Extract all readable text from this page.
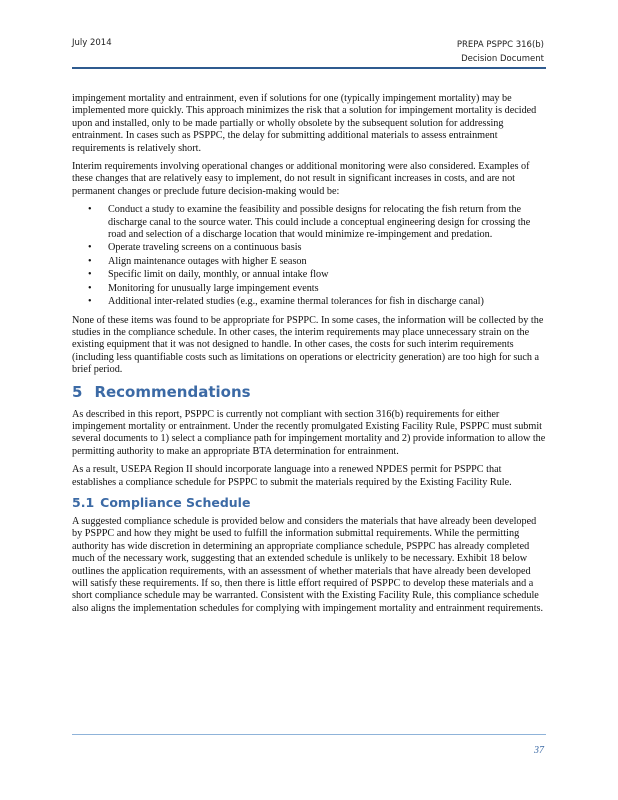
July 2014	PREPA PSPPC 316(b)
Decision Document

impingement mortality and entrainment, even if solutions for one (typically impingement mortality) may be implemented more quickly. This approach minimizes the risk that a solution for impingement mortality is decided upon and installed, only to be made partially or wholly obsolete by the subsequent solution for addressing entrainment. In cases such as PSPPC, the delay for submitting additional materials to assess entrainment requirements is relatively short.

Interim requirements involving operational changes or additional monitoring were also considered. Examples of these changes that are relatively easy to implement, do not result in significant increases in costs, and are not permanent changes or preclude future decision-making would be:

• Conduct a study to examine the feasibility and possible designs for relocating the fish return from the discharge canal to the source water. This could include a conceptual engineering design for crossing the road and selection of a discharge location that would minimize re-impingement and predation.
• Operate traveling screens on a continuous basis
• Align maintenance outages with higher E season
• Specific limit on daily, monthly, or annual intake flow
• Monitoring for unusually large impingement events
• Additional inter-related studies (e.g., examine thermal tolerances for fish in discharge canal)

None of these items was found to be appropriate for PSPPC. In some cases, the information will be collected by the studies in the compliance schedule. In other cases, the interim requirements may place unnecessary strain on the existing equipment that it was not designed to handle. In other cases, the costs for such interim requirements (including less quantifiable costs such as limitations on operations or electricity generation) are too high for such a brief period.

5 Recommendations

As described in this report, PSPPC is currently not compliant with section 316(b) requirements for either impingement mortality or entrainment. Under the recently promulgated Existing Facility Rule, PSPPC must submit several documents to 1) select a compliance path for impingement mortality and 2) provide information to allow the permitting authority to make an appropriate BTA determination for entrainment.

As a result, USEPA Region II should incorporate language into a renewed NPDES permit for PSPPC that establishes a compliance schedule for PSPPC to submit the materials required by the Existing Facility Rule.

5.1 Compliance Schedule

A suggested compliance schedule is provided below and considers the materials that have already been developed by PSPPC and how they might be used to fulfill the information submittal requirements. While the permitting authority has wide discretion in determining an appropriate compliance schedule, PSPPC has already completed much of the necessary work, suggesting that an extended schedule is unlikely to be necessary. Exhibit 18 below outlines the application requirements, with an assessment of whether materials that have already been developed will satisfy these requirements. If so, then there is little effort required of PSPPC to develop these materials and a short compliance schedule may be warranted. Consistent with the Existing Facility Rule, this compliance schedule also aligns the implementation schedules for complying with impingement mortality and entrainment requirements.

37
